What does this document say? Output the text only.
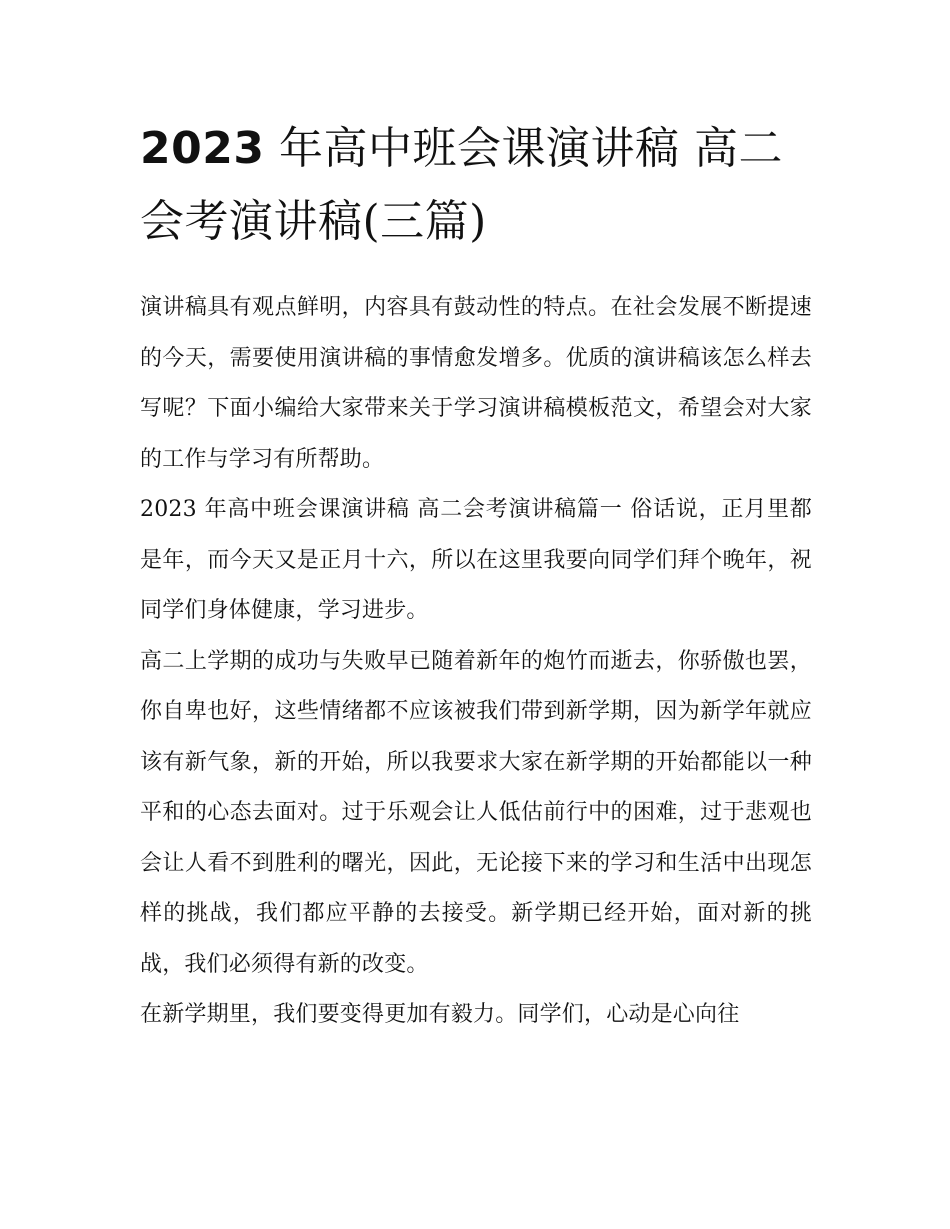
2023 年高中班会课演讲稿 高二会考演讲稿(三篇)

演讲稿具有观点鲜明，内容具有鼓动性的特点。在社会发展不断提速的今天，需要使用演讲稿的事情愈发增多。优质的演讲稿该怎么样去写呢？下面小编给大家带来关于学习演讲稿模板范文，希望会对大家的工作与学习有所帮助。

2023 年高中班会课演讲稿 高二会考演讲稿篇一 俗话说，正月里都是年，而今天又是正月十六，所以在这里我要向同学们拜个晚年，祝同学们身体健康，学习进步。

高二上学期的成功与失败早已随着新年的炮竹而逝去，你骄傲也罢，你自卑也好，这些情绪都不应该被我们带到新学期，因为新学年就应该有新气象，新的开始，所以我要求大家在新学期的开始都能以一种平和的心态去面对。过于乐观会让人低估前行中的困难，过于悲观也会让人看不到胜利的曙光，因此，无论接下来的学习和生活中出现怎样的挑战，我们都应平静的去接受。新学期已经开始，面对新的挑战，我们必须得有新的改变。

在新学期里，我们要变得更加有毅力。同学们，心动是心向往
